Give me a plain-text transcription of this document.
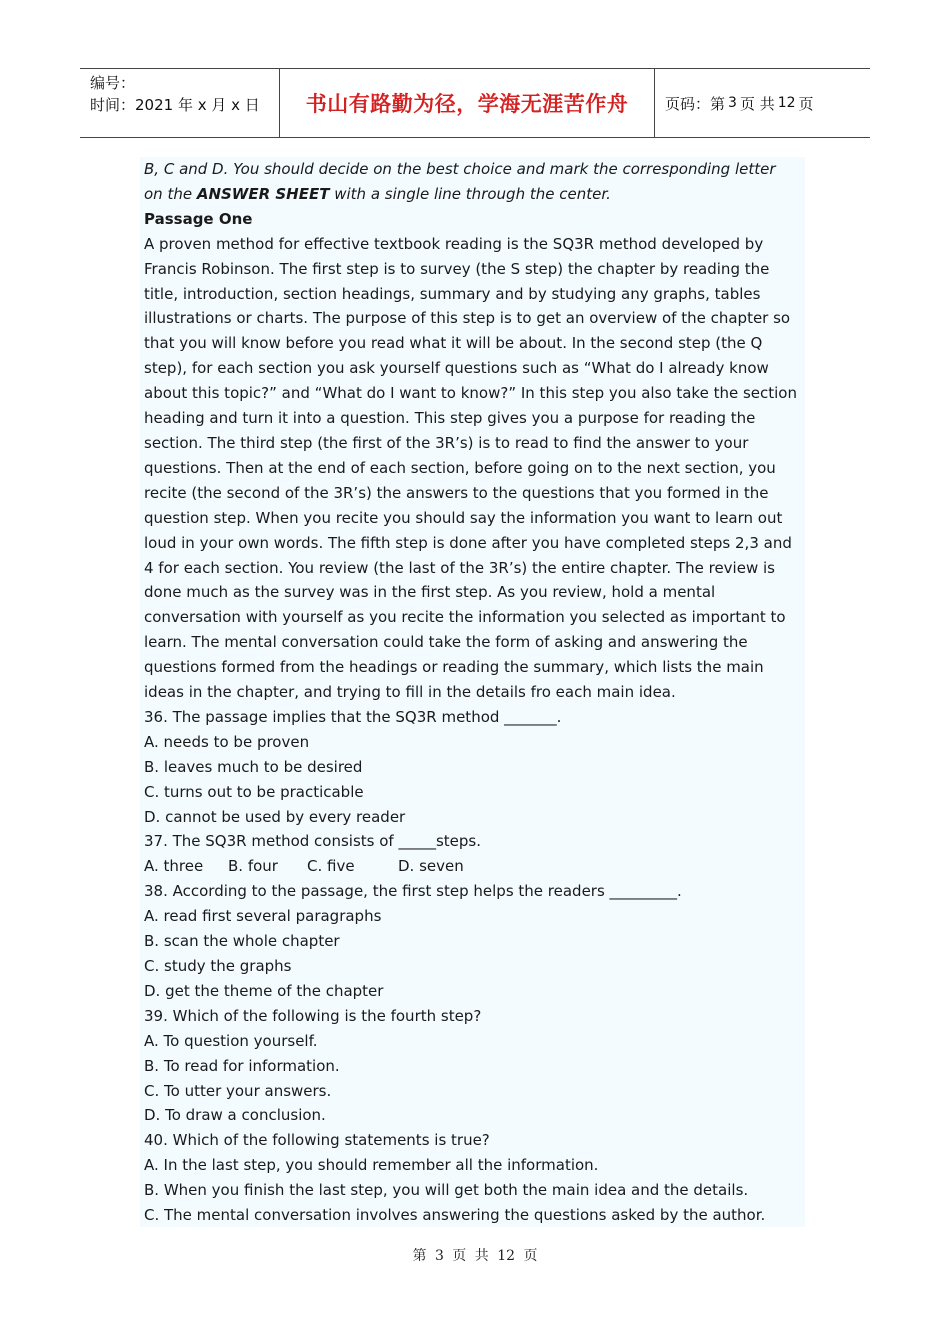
编号：
时间：2021 年 x 月 x 日	书山有路勤为径，学海无涯苦作舟 页码：第 3 页 共 12 页

B, C and D. You should decide on the best choice and mark the corresponding letter

on the ANSWER SHEET with a single line through the center.

Passage One

A proven method for effective textbook reading is the SQ3R method developed by

Francis Robinson. The first step is to survey (the S step) the chapter by reading the

title, introduction, section headings, summary and by studying any graphs, tables

illustrations or charts. The purpose of this step is to get an overview of the chapter so

that you will know before you read what it will be about. In the second step (the Q

step), for each section you ask yourself questions such as “What do I already know

about this topic?” and “What do I want to know?” In this step you also take the section

heading and turn it into a question. This step gives you a purpose for reading the

section. The third step (the first of the 3R’s) is to read to find the answer to your

questions. Then at the end of each section, before going on to the next section, you

recite (the second of the 3R’s) the answers to the questions that you formed in the

question step. When you recite you should say the information you want to learn out

loud in your own words. The fifth step is done after you have completed steps 2,3 and

4 for each section. You review (the last of the 3R’s) the entire chapter. The review is

done much as the survey was in the first step. As you review, hold a mental

conversation with yourself as you recite the information you selected as important to

learn. The mental conversation could take the form of asking and answering the

questions formed from the headings or reading the summary, which lists the main

ideas in the chapter, and trying to fill in the details fro each main idea.

36. The passage implies that the SQ3R method _______.

A. needs to be proven

B. leaves much to be desired

C. turns out to be practicable

D. cannot be used by every reader

37. The SQ3R method consists of _____steps.

A. three B. four C. five	D. seven

38. According to the passage, the first step helps the readers _________.

A. read first several paragraphs

B. scan the whole chapter

C. study the graphs

D. get the theme of the chapter

39. Which of the following is the fourth step?

A. To question yourself.

B. To read for information.

C. To utter your answers.

D. To draw a conclusion.

40. Which of the following statements is true?

A. In the last step, you should remember all the information.

B. When you finish the last step, you will get both the main idea and the details.

C. The mental conversation involves answering the questions asked by the author.

第 3 页 共 12 页
